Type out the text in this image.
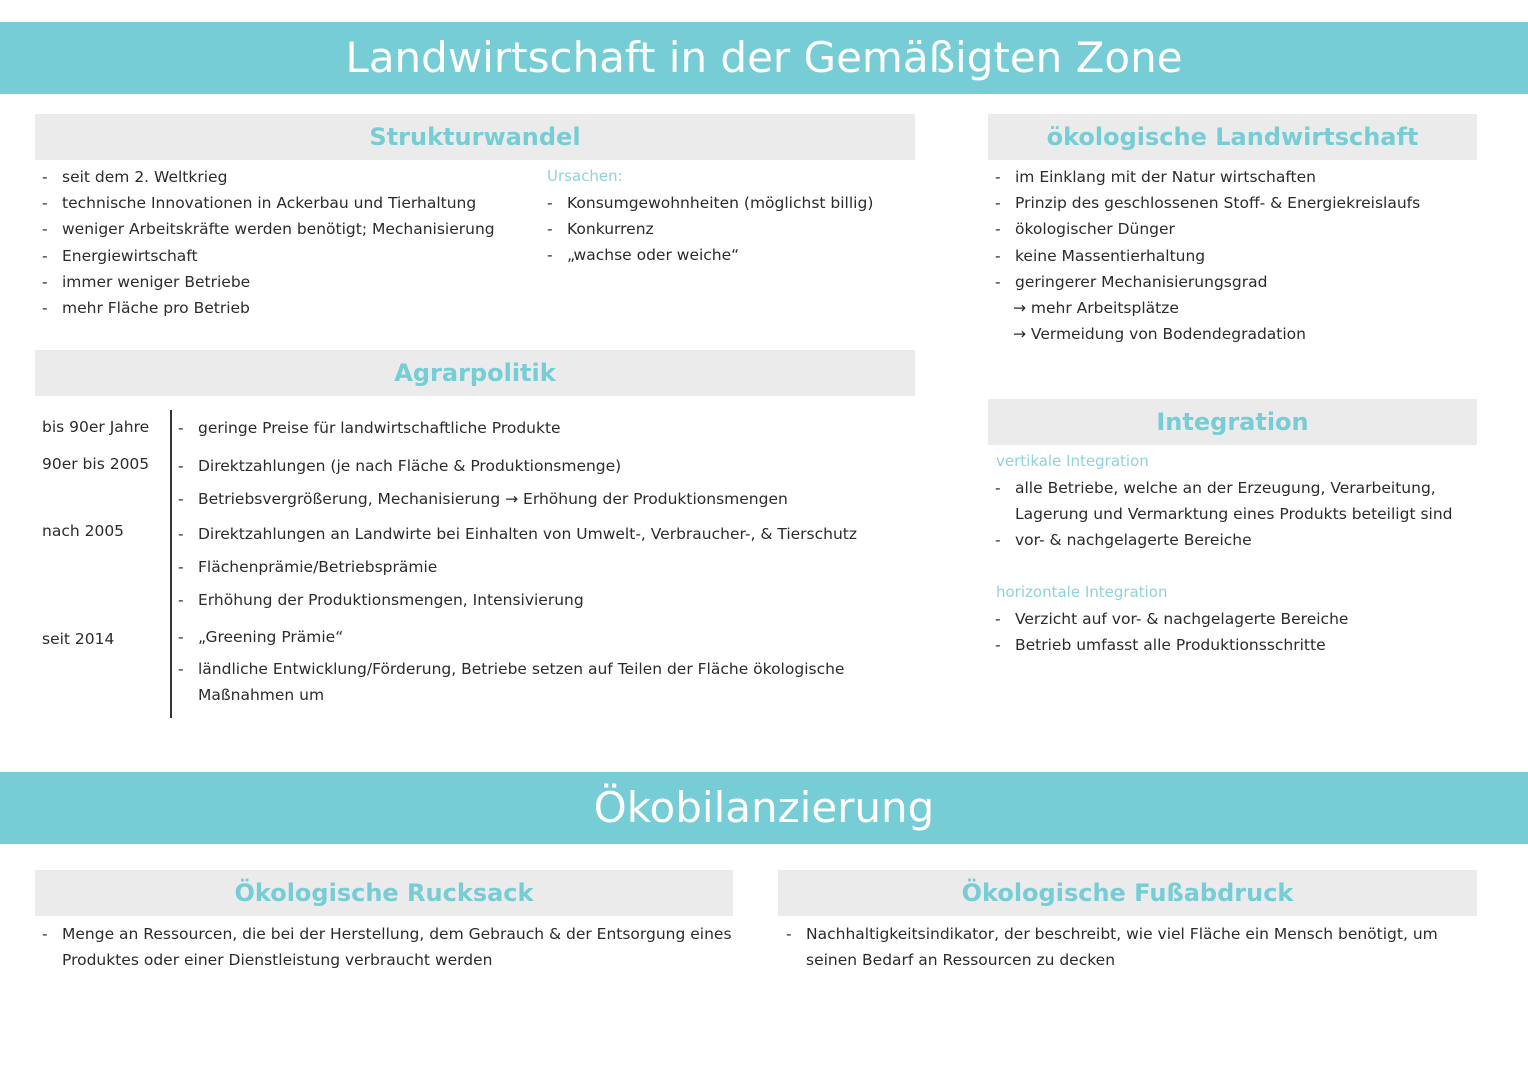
Landwirtschaft in der Gemäßigten Zone
Strukturwandel
- seit dem 2. Weltkrieg
- technische Innovationen in Ackerbau und Tierhaltung
- weniger Arbeitskräfte werden benötigt; Mechanisierung
- Energiewirtschaft
- immer weniger Betriebe
- mehr Fläche pro Betrieb
Ursachen:
- Konsumgewohnheiten (möglichst billig)
- Konkurrenz
- „wachse oder weiche“
ökologische Landwirtschaft
- im Einklang mit der Natur wirtschaften
- Prinzip des geschlossenen Stoff- & Energiekreislaufs
- ökologischer Dünger
- keine Massentierhaltung
- geringerer Mechanisierungsgrad
→ mehr Arbeitsplätze
→ Vermeidung von Bodendegradation
Agrarpolitik
bis 90er Jahre
90er bis 2005
nach 2005
seit 2014
- geringe Preise für landwirtschaftliche Produkte
- Direktzahlungen (je nach Fläche & Produktionsmenge)
- Betriebsvergrößerung, Mechanisierung → Erhöhung der Produktionsmengen
- Direktzahlungen an Landwirte bei Einhalten von Umwelt-, Verbraucher-, & Tierschutz
- Flächenprämie/Betriebsprämie
- Erhöhung der Produktionsmengen, Intensivierung
- „Greening Prämie“
- ländliche Entwicklung/Förderung, Betriebe setzen auf Teilen der Fläche ökologische
Maßnahmen um
Integration
vertikale Integration
- alle Betriebe, welche an der Erzeugung, Verarbeitung,
Lagerung und Vermarktung eines Produkts beteiligt sind
- vor- & nachgelagerte Bereiche
horizontale Integration
- Verzicht auf vor- & nachgelagerte Bereiche
- Betrieb umfasst alle Produktionsschritte
Ökobilanzierung
Ökologische Rucksack
- Menge an Ressourcen, die bei der Herstellung, dem Gebrauch & der Entsorgung eines Produktes oder einer Dienstleistung verbraucht werden
Ökologische Fußabdruck
- Nachhaltigkeitsindikator, der beschreibt, wie viel Fläche ein Mensch benötigt, um seinen Bedarf an Ressourcen zu decken
